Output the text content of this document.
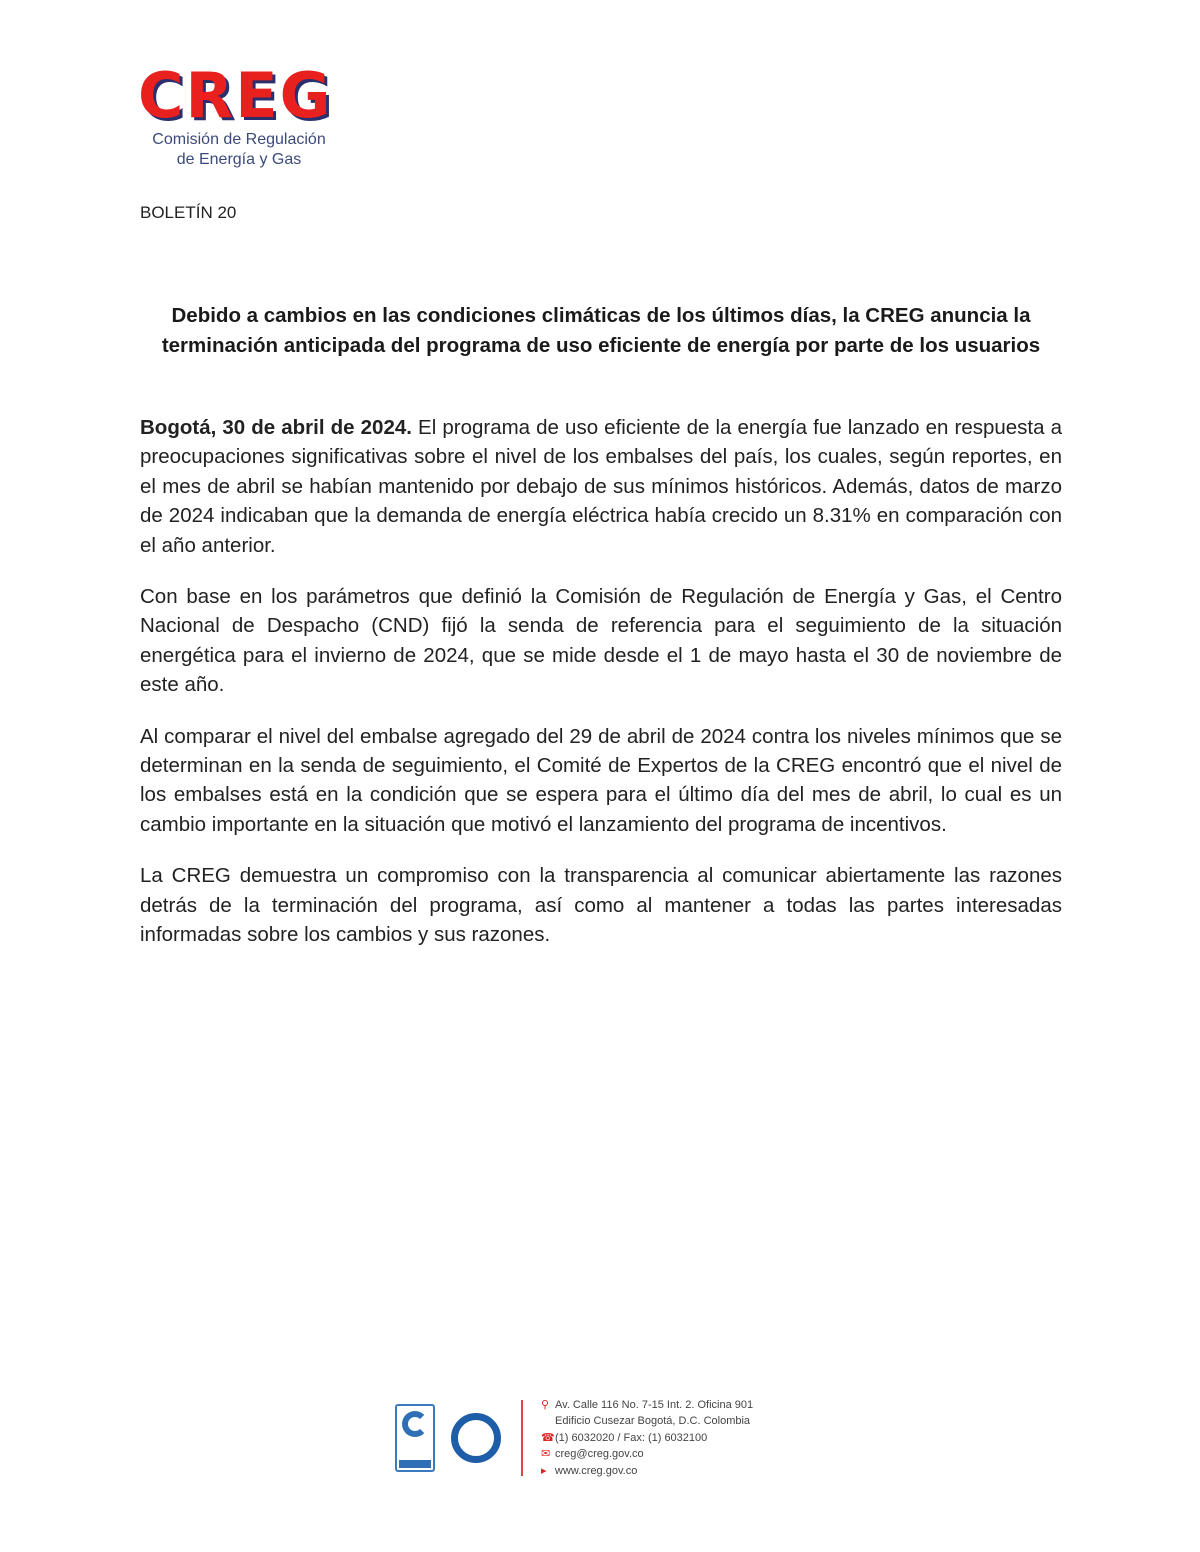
CREG
Comisión de Regulación
de Energía y Gas
BOLETÍN 20
Debido a cambios en las condiciones climáticas de los últimos días, la CREG anuncia la terminación anticipada del programa de uso eficiente de energía por parte de los usuarios

Bogotá, 30 de abril de 2024. El programa de uso eficiente de la energía fue lanzado en respuesta a preocupaciones significativas sobre el nivel de los embalses del país, los cuales, según reportes, en el mes de abril se habían mantenido por debajo de sus mínimos históricos. Además, datos de marzo de 2024 indicaban que la demanda de energía eléctrica había crecido un 8.31% en comparación con el año anterior.

Con base en los parámetros que definió la Comisión de Regulación de Energía y Gas, el Centro Nacional de Despacho (CND) fijó la senda de referencia para el seguimiento de la situación energética para el invierno de 2024, que se mide desde el 1 de mayo hasta el 30 de noviembre de este año.

Al comparar el nivel del embalse agregado del 29 de abril de 2024 contra los niveles mínimos que se determinan en la senda de seguimiento, el Comité de Expertos de la CREG encontró que el nivel de los embalses está en la condición que se espera para el último día del mes de abril, lo cual es un cambio importante en la situación que motivó el lanzamiento del programa de incentivos.

La CREG demuestra un compromiso con la transparencia al comunicar abiertamente las razones detrás de la terminación del programa, así como al mantener a todas las partes interesadas informadas sobre los cambios y sus razones.

⚲ Av. Calle 116 No. 7-15 Int. 2. Oficina 901
Edificio Cusezar Bogotá, D.C. Colombia
☎(1) 6032020 / Fax: (1) 6032100
✉ creg@creg.gov.co
▸ www.creg.gov.co
